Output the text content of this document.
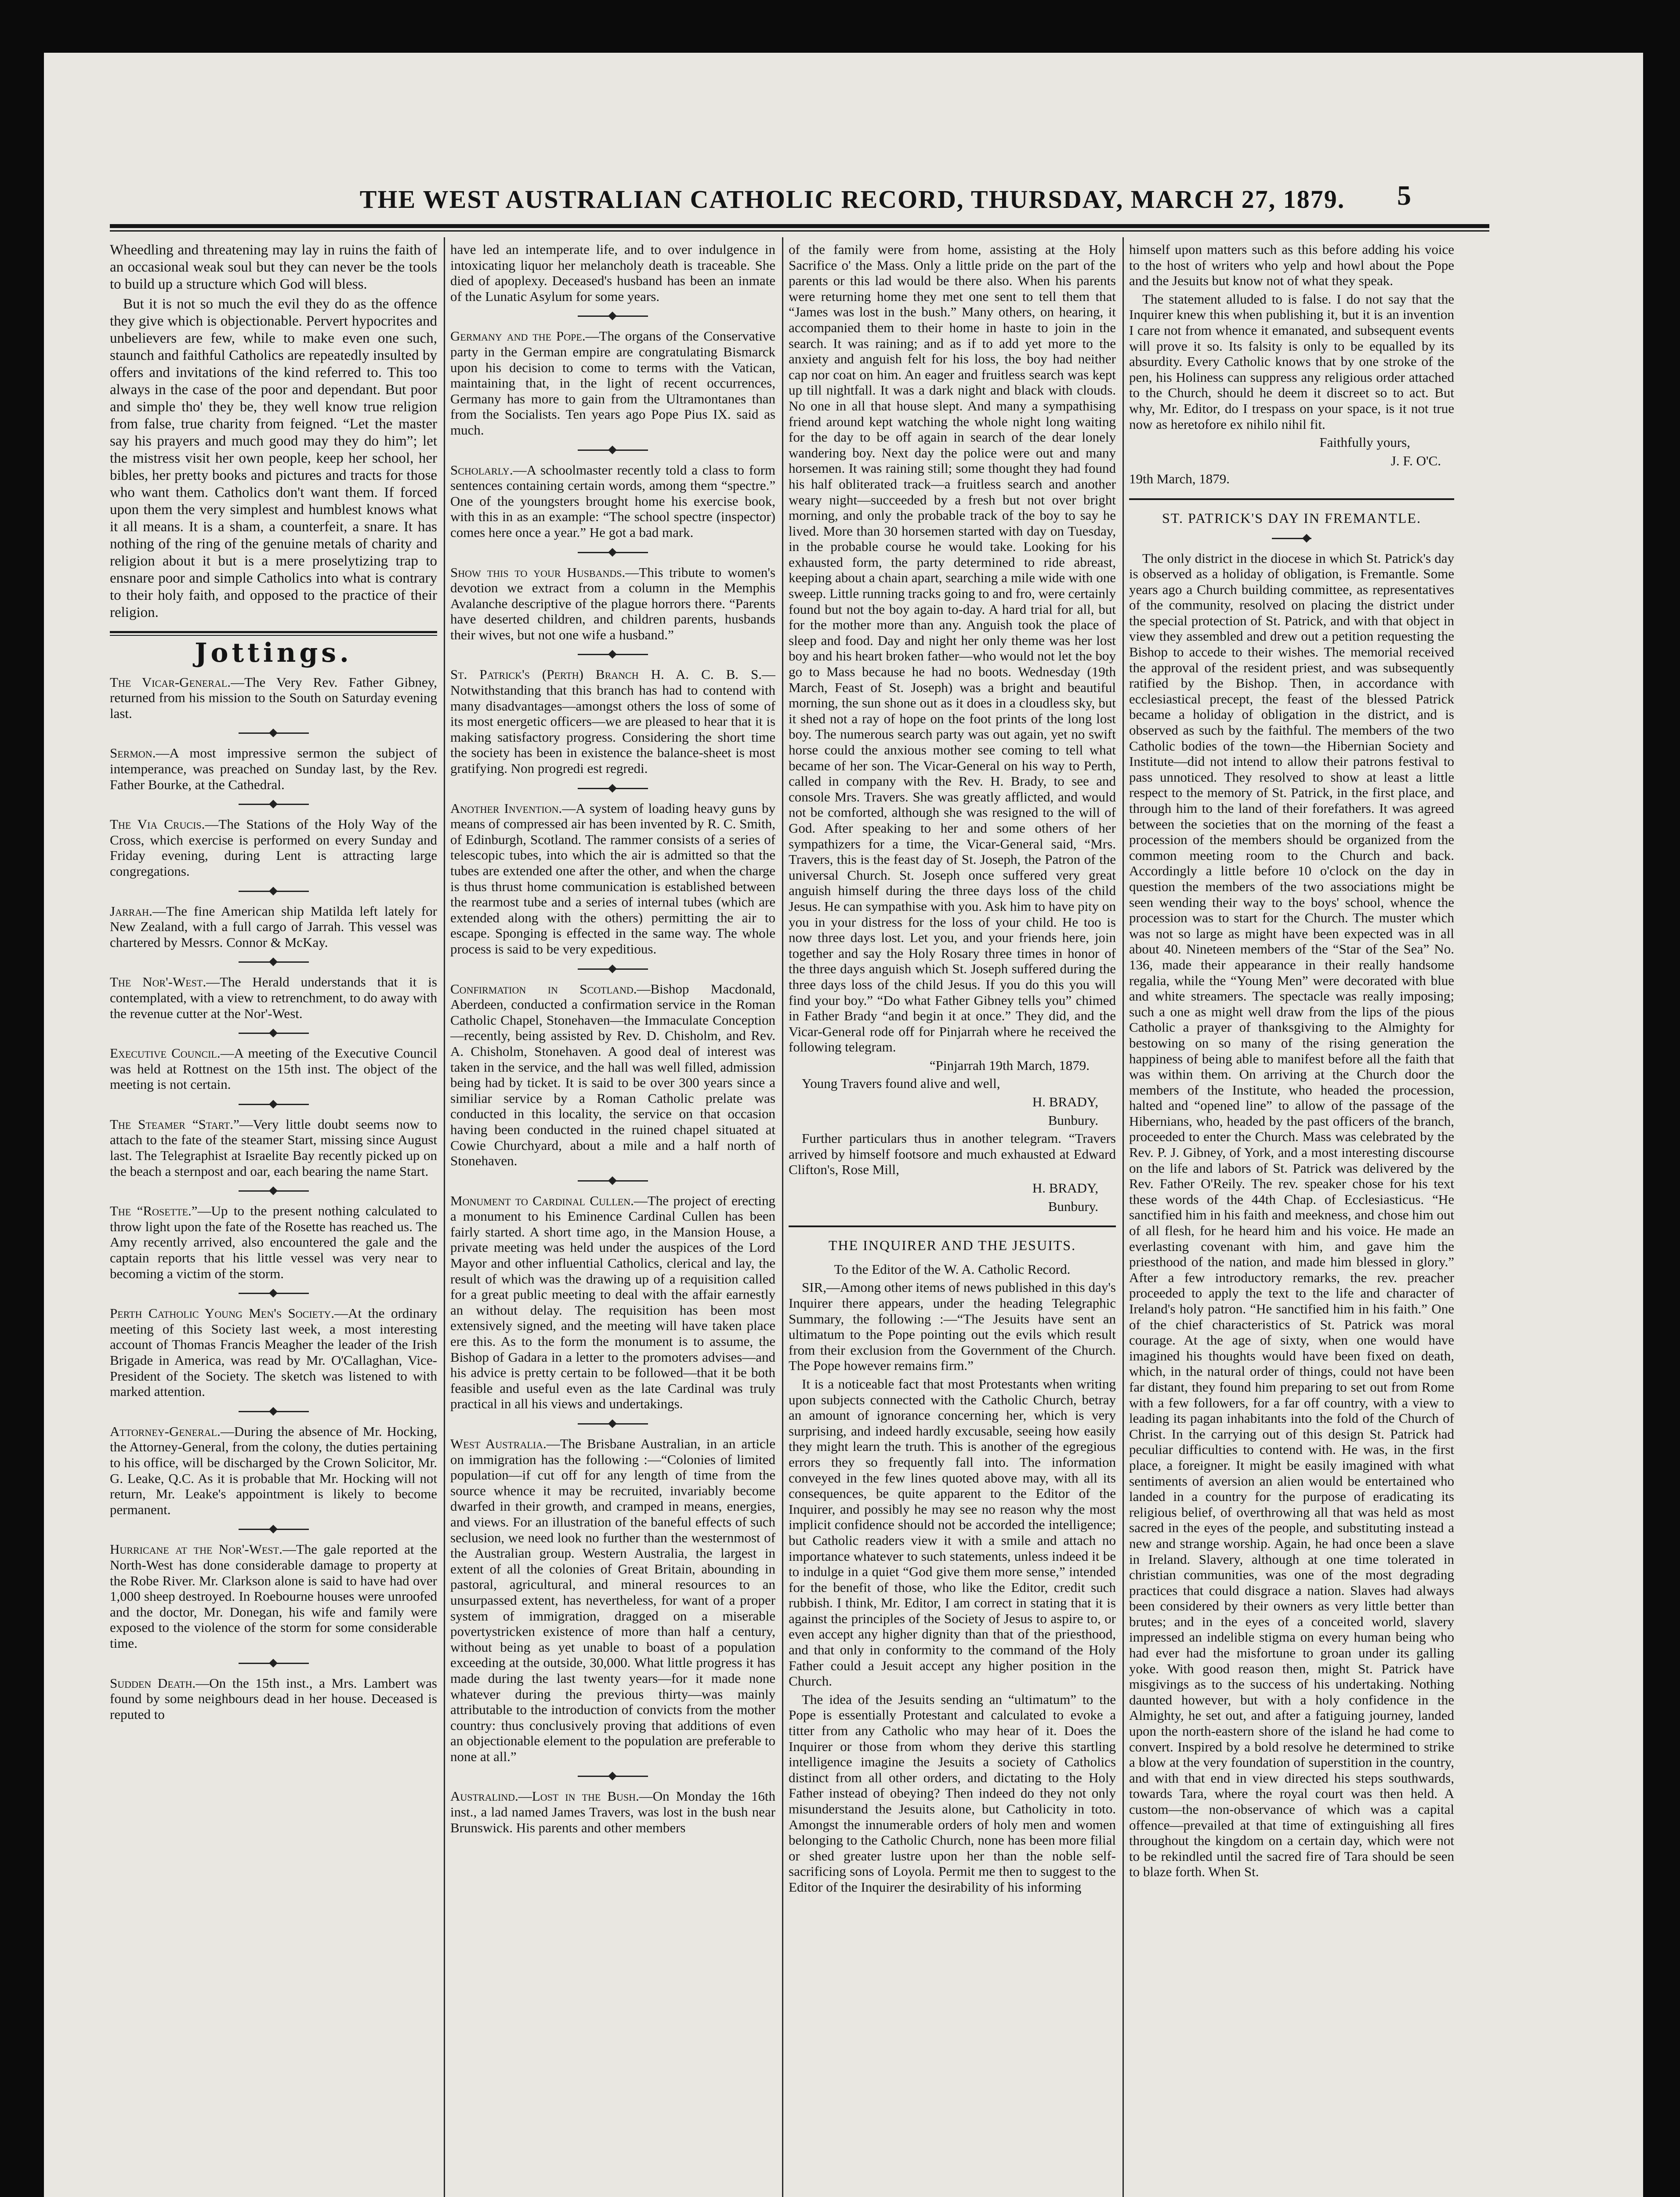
THE WEST AUSTRALIAN CATHOLIC RECORD, THURSDAY, MARCH 27, 1879.	5

Wheedling and threatening may lay in ruins the faith of an occasional weak soul but they can never be the tools to build up a structure which God will bless.

But it is not so much the evil they do as the offence they give which is objectionable. Pervert hypocrites and unbelievers are few, while to make even one such, staunch and faithful Catholics are repeatedly insulted by offers and invitations of the kind referred to. This too always in the case of the poor and dependant. But poor and simple tho' they be, they well know true religion from false, true charity from feigned. “Let the master say his prayers and much good may they do him”; let the mistress visit her own people, keep her school, her bibles, her pretty books and pictures and tracts for those who want them. Catholics don't want them. If forced upon them the very simplest and humblest knows what it all means. It is a sham, a counterfeit, a snare. It has nothing of the ring of the genuine metals of charity and religion about it but is a mere proselytizing trap to ensnare poor and simple Catholics into what is contrary to their holy faith, and opposed to the practice of their religion.

Jottings.

The Vicar-General.—The Very Rev. Father Gibney, returned from his mission to the South on Saturday evening last.

Sermon.—A most impressive sermon the subject of intemperance, was preached on Sunday last, by the Rev. Father Bourke, at the Cathedral.

The Via Crucis.—The Stations of the Holy Way of the Cross, which exercise is performed on every Sunday and Friday evening, during Lent is attracting large congregations.

Jarrah.—The fine American ship Matilda left lately for New Zealand, with a full cargo of Jarrah. This vessel was chartered by Messrs. Connor & McKay.

The Nor'-West.—The Herald understands that it is contemplated, with a view to retrenchment, to do away with the revenue cutter at the Nor'-West.

Executive Council.—A meeting of the Executive Council was held at Rottnest on the 15th inst. The object of the meeting is not certain.

The Steamer “Start.”—Very little doubt seems now to attach to the fate of the steamer Start, missing since August last. The Telegraphist at Israelite Bay recently picked up on the beach a sternpost and oar, each bearing the name Start.

The “Rosette.”—Up to the present nothing calculated to throw light upon the fate of the Rosette has reached us. The Amy recently arrived, also encountered the gale and the captain reports that his little vessel was very near to becoming a victim of the storm.

Perth Catholic Young Men's Society.—At the ordinary meeting of this Society last week, a most interesting account of Thomas Francis Meagher the leader of the Irish Brigade in America, was read by Mr. O'Callaghan, Vice-President of the Society. The sketch was listened to with marked attention.

Attorney-General.—During the absence of Mr. Hocking, the Attorney-General, from the colony, the duties pertaining to his office, will be discharged by the Crown Solicitor, Mr. G. Leake, Q.C. As it is probable that Mr. Hocking will not return, Mr. Leake's appointment is likely to become permanent.

Hurricane at the Nor'-West.—The gale reported at the North-West has done considerable damage to property at the Robe River. Mr. Clarkson alone is said to have had over 1,000 sheep destroyed. In Roebourne houses were unroofed and the doctor, Mr. Donegan, his wife and family were exposed to the violence of the storm for some considerable time.

Sudden Death.—On the 15th inst., a Mrs. Lambert was found by some neighbours dead in her house. Deceased is reputed to

have led an intemperate life, and to over indulgence in intoxicating liquor her melancholy death is traceable. She died of apoplexy. Deceased's husband has been an inmate of the Lunatic Asylum for some years.

Germany and the Pope.—The organs of the Conservative party in the German empire are congratulating Bismarck upon his decision to come to terms with the Vatican, maintaining that, in the light of recent occurrences, Germany has more to gain from the Ultramontanes than from the Socialists. Ten years ago Pope Pius IX. said as much.

Scholarly.—A schoolmaster recently told a class to form sentences containing certain words, among them “spectre.” One of the youngsters brought home his exercise book, with this in as an example: “The school spectre (inspector) comes here once a year.” He got a bad mark.

Show this to your Husbands.—This tribute to women's devotion we extract from a column in the Memphis Avalanche descriptive of the plague horrors there. “Parents have deserted children, and children parents, husbands their wives, but not one wife a husband.”

St. Patrick's (Perth) Branch H. A. C. B. S.—Notwithstanding that this branch has had to contend with many disadvantages—amongst others the loss of some of its most energetic officers—we are pleased to hear that it is making satisfactory progress. Considering the short time the society has been in existence the balance-sheet is most gratifying. Non progredi est regredi.

Another Invention.—A system of loading heavy guns by means of compressed air has been invented by R. C. Smith, of Edinburgh, Scotland. The rammer consists of a series of telescopic tubes, into which the air is admitted so that the tubes are extended one after the other, and when the charge is thus thrust home communication is established between the rearmost tube and a series of internal tubes (which are extended along with the others) permitting the air to escape. Sponging is effected in the same way. The whole process is said to be very expeditious.

Confirmation in Scotland.—Bishop Macdonald, Aberdeen, conducted a confirmation service in the Roman Catholic Chapel, Stonehaven—the Immaculate Conception—recently, being assisted by Rev. D. Chisholm, and Rev. A. Chisholm, Stonehaven. A good deal of interest was taken in the service, and the hall was well filled, admission being had by ticket. It is said to be over 300 years since a similiar service by a Roman Catholic prelate was conducted in this locality, the service on that occasion having been conducted in the ruined chapel situated at Cowie Churchyard, about a mile and a half north of Stonehaven.

Monument to Cardinal Cullen.—The project of erecting a monument to his Eminence Cardinal Cullen has been fairly started. A short time ago, in the Mansion House, a private meeting was held under the auspices of the Lord Mayor and other influential Catholics, clerical and lay, the result of which was the drawing up of a requisition called for a great public meeting to deal with the affair earnestly an without delay. The requisition has been most extensively signed, and the meeting will have taken place ere this. As to the form the monument is to assume, the Bishop of Gadara in a letter to the promoters advises—and his advice is pretty certain to be followed—that it be both feasible and useful even as the late Cardinal was truly practical in all his views and undertakings.

West Australia.—The Brisbane Australian, in an article on immigration has the following :—“Colonies of limited population—if cut off for any length of time from the source whence it may be recruited, invariably become dwarfed in their growth, and cramped in means, energies, and views. For an illustration of the baneful effects of such seclusion, we need look no further than the westernmost of the Australian group. Western Australia, the largest in extent of all the colonies of Great Britain, abounding in pastoral, agricultural, and mineral resources to an unsurpassed extent, has nevertheless, for want of a proper system of immigration, dragged on a miserable povertystricken existence of more than half a century, without being as yet unable to boast of a population exceeding at the outside, 30,000. What little progress it has made during the last twenty years—for it made none whatever during the previous thirty—was mainly attributable to the introduction of convicts from the mother country: thus conclusively proving that additions of even an objectionable element to the population are preferable to none at all.”

Australind.—Lost in the Bush.—On Monday the 16th inst., a lad named James Travers, was lost in the bush near Brunswick. His parents and other members

of the family were from home, assisting at the Holy Sacrifice o' the Mass. Only a little pride on the part of the parents or this lad would be there also. When his parents were returning home they met one sent to tell them that “James was lost in the bush.” Many others, on hearing, it accompanied them to their home in haste to join in the search. It was raining; and as if to add yet more to the anxiety and anguish felt for his loss, the boy had neither cap nor coat on him. An eager and fruitless search was kept up till nightfall. It was a dark night and black with clouds. No one in all that house slept. And many a sympathising friend around kept watching the whole night long waiting for the day to be off again in search of the dear lonely wandering boy. Next day the police were out and many horsemen. It was raining still; some thought they had found his half obliterated track—a fruitless search and another weary night—succeeded by a fresh but not over bright morning, and only the probable track of the boy to say he lived. More than 30 horsemen started with day on Tuesday, in the probable course he would take. Looking for his exhausted form, the party determined to ride abreast, keeping about a chain apart, searching a mile wide with one sweep. Little running tracks going to and fro, were certainly found but not the boy again to-day. A hard trial for all, but for the mother more than any. Anguish took the place of sleep and food. Day and night her only theme was her lost boy and his heart broken father—who would not let the boy go to Mass because he had no boots. Wednesday (19th March, Feast of St. Joseph) was a bright and beautiful morning, the sun shone out as it does in a cloudless sky, but it shed not a ray of hope on the foot prints of the long lost boy. The numerous search party was out again, yet no swift horse could the anxious mother see coming to tell what became of her son. The Vicar-General on his way to Perth, called in company with the Rev. H. Brady, to see and console Mrs. Travers. She was greatly afflicted, and would not be comforted, although she was resigned to the will of God. After speaking to her and some others of her sympathizers for a time, the Vicar-General said, “Mrs. Travers, this is the feast day of St. Joseph, the Patron of the universal Church. St. Joseph once suffered very great anguish himself during the three days loss of the child Jesus. He can sympathise with you. Ask him to have pity on you in your distress for the loss of your child. He too is now three days lost. Let you, and your friends here, join together and say the Holy Rosary three times in honor of the three days anguish which St. Joseph suffered during the three days loss of the child Jesus. If you do this you will find your boy.” “Do what Father Gibney tells you” chimed in Father Brady “and begin it at once.” They did, and the Vicar-General rode off for Pinjarrah where he received the following telegram.

“Pinjarrah 19th March, 1879.

Young Travers found alive and well,

H. BRADY,

Bunbury.

Further particulars thus in another telegram. “Travers arrived by himself footsore and much exhausted at Edward Clifton's, Rose Mill,

H. BRADY,

Bunbury.

THE INQUIRER AND THE JESUITS.

To the Editor of the W. A. Catholic Record.

SIR,—Among other items of news published in this day's Inquirer there appears, under the heading Telegraphic Summary, the following :—“The Jesuits have sent an ultimatum to the Pope pointing out the evils which result from their exclusion from the Government of the Church. The Pope however remains firm.”

It is a noticeable fact that most Protestants when writing upon subjects connected with the Catholic Church, betray an amount of ignorance concerning her, which is very surprising, and indeed hardly excusable, seeing how easily they might learn the truth. This is another of the egregious errors they so frequently fall into. The information conveyed in the few lines quoted above may, with all its consequences, be quite apparent to the Editor of the Inquirer, and possibly he may see no reason why the most implicit confidence should not be accorded the intelligence; but Catholic readers view it with a smile and attach no importance whatever to such statements, unless indeed it be to indulge in a quiet “God give them more sense,” intended for the benefit of those, who like the Editor, credit such rubbish. I think, Mr. Editor, I am correct in stating that it is against the principles of the Society of Jesus to aspire to, or even accept any higher dignity than that of the priesthood, and that only in conformity to the command of the Holy Father could a Jesuit accept any higher position in the Church.

The idea of the Jesuits sending an “ultimatum” to the Pope is essentially Protestant and calculated to evoke a titter from any Catholic who may hear of it. Does the Inquirer or those from whom they derive this startling intelligence imagine the Jesuits a society of Catholics distinct from all other orders, and dictating to the Holy Father instead of obeying? Then indeed do they not only misunderstand the Jesuits alone, but Catholicity in toto. Amongst the innumerable orders of holy men and women belonging to the Catholic Church, none has been more filial or shed greater lustre upon her than the noble self-sacrificing sons of Loyola. Permit me then to suggest to the Editor of the Inquirer the desirability of his informing

himself upon matters such as this before adding his voice to the host of writers who yelp and howl about the Pope and the Jesuits but know not of what they speak.

The statement alluded to is false. I do not say that the Inquirer knew this when publishing it, but it is an invention I care not from whence it emanated, and subsequent events will prove it so. Its falsity is only to be equalled by its absurdity. Every Catholic knows that by one stroke of the pen, his Holiness can suppress any religious order attached to the Church, should he deem it discreet so to act. But why, Mr. Editor, do I trespass on your space, is it not true now as heretofore ex nihilo nihil fit.

Faithfully yours,

J. F. O'C.

19th March, 1879.

ST. PATRICK'S DAY IN FREMANTLE.

The only district in the diocese in which St. Patrick's day is observed as a holiday of obligation, is Fremantle. Some years ago a Church building committee, as representatives of the community, resolved on placing the district under the special protection of St. Patrick, and with that object in view they assembled and drew out a petition requesting the Bishop to accede to their wishes. The memorial received the approval of the resident priest, and was subsequently ratified by the Bishop. Then, in accordance with ecclesiastical precept, the feast of the blessed Patrick became a holiday of obligation in the district, and is observed as such by the faithful. The members of the two Catholic bodies of the town—the Hibernian Society and Institute—did not intend to allow their patrons festival to pass unnoticed. They resolved to show at least a little respect to the memory of St. Patrick, in the first place, and through him to the land of their forefathers. It was agreed between the societies that on the morning of the feast a procession of the members should be organized from the common meeting room to the Church and back. Accordingly a little before 10 o'clock on the day in question the members of the two associations might be seen wending their way to the boys' school, whence the procession was to start for the Church. The muster which was not so large as might have been expected was in all about 40. Nineteen members of the “Star of the Sea” No. 136, made their appearance in their really handsome regalia, while the “Young Men” were decorated with blue and white streamers. The spectacle was really imposing; such a one as might well draw from the lips of the pious Catholic a prayer of thanksgiving to the Almighty for bestowing on so many of the rising generation the happiness of being able to manifest before all the faith that was within them. On arriving at the Church door the members of the Institute, who headed the procession, halted and “opened line” to allow of the passage of the Hibernians, who, headed by the past officers of the branch, proceeded to enter the Church. Mass was celebrated by the Rev. P. J. Gibney, of York, and a most interesting discourse on the life and labors of St. Patrick was delivered by the Rev. Father O'Reily. The rev. speaker chose for his text these words of the 44th Chap. of Ecclesiasticus. “He sanctified him in his faith and meekness, and chose him out of all flesh, for he heard him and his voice. He made an everlasting covenant with him, and gave him the priesthood of the nation, and made him blessed in glory.” After a few introductory remarks, the rev. preacher proceeded to apply the text to the life and character of Ireland's holy patron. “He sanctified him in his faith.” One of the chief characteristics of St. Patrick was moral courage. At the age of sixty, when one would have imagined his thoughts would have been fixed on death, which, in the natural order of things, could not have been far distant, they found him preparing to set out from Rome with a few followers, for a far off country, with a view to leading its pagan inhabitants into the fold of the Church of Christ. In the carrying out of this design St. Patrick had peculiar difficulties to contend with. He was, in the first place, a foreigner. It might be easily imagined with what sentiments of aversion an alien would be entertained who landed in a country for the purpose of eradicating its religious belief, of overthrowing all that was held as most sacred in the eyes of the people, and substituting instead a new and strange worship. Again, he had once been a slave in Ireland. Slavery, although at one time tolerated in christian communities, was one of the most degrading practices that could disgrace a nation. Slaves had always been considered by their owners as very little better than brutes; and in the eyes of a conceited world, slavery impressed an indelible stigma on every human being who had ever had the misfortune to groan under its galling yoke. With good reason then, might St. Patrick have misgivings as to the success of his undertaking. Nothing daunted however, but with a holy confidence in the Almighty, he set out, and after a fatiguing journey, landed upon the north-eastern shore of the island he had come to convert. Inspired by a bold resolve he determined to strike a blow at the very foundation of superstition in the country, and with that end in view directed his steps southwards, towards Tara, where the royal court was then held. A custom—the non-observance of which was a capital offence—prevailed at that time of extinguishing all fires throughout the kingdom on a certain day, which were not to be rekindled until the sacred fire of Tara should be seen to blaze forth. When St.
